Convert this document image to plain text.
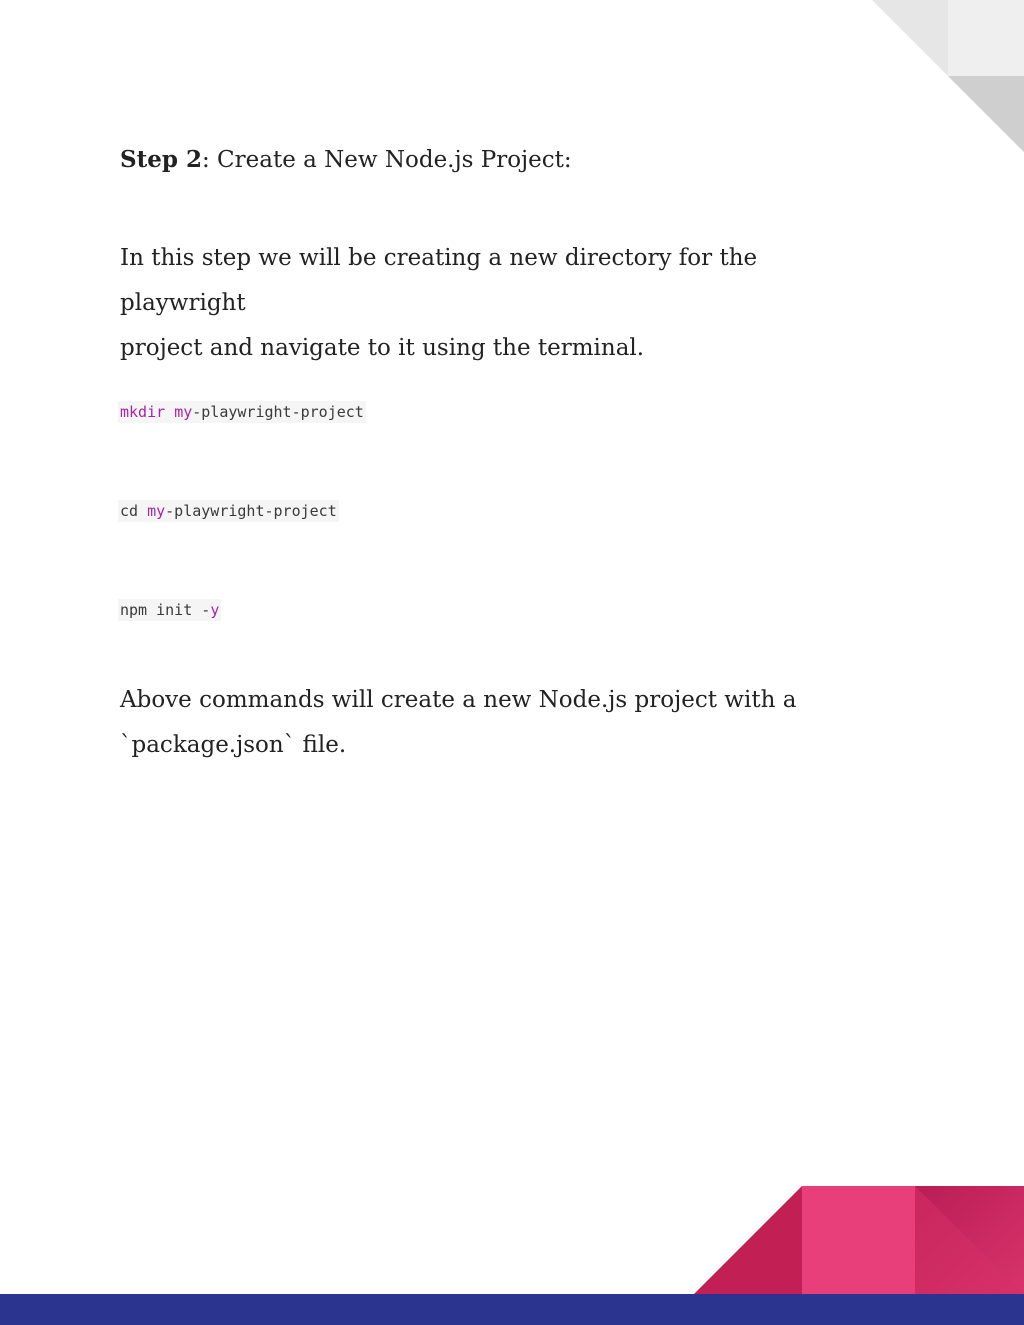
Step 2: Create a New Node.js Project:

In this step we will be creating a new directory for the playwright

project and navigate to it using the terminal.

mkdir my-playwright-project
cd my-playwright-project
npm init -y

Above commands will create a new Node.js project with a

`package.json` file.
